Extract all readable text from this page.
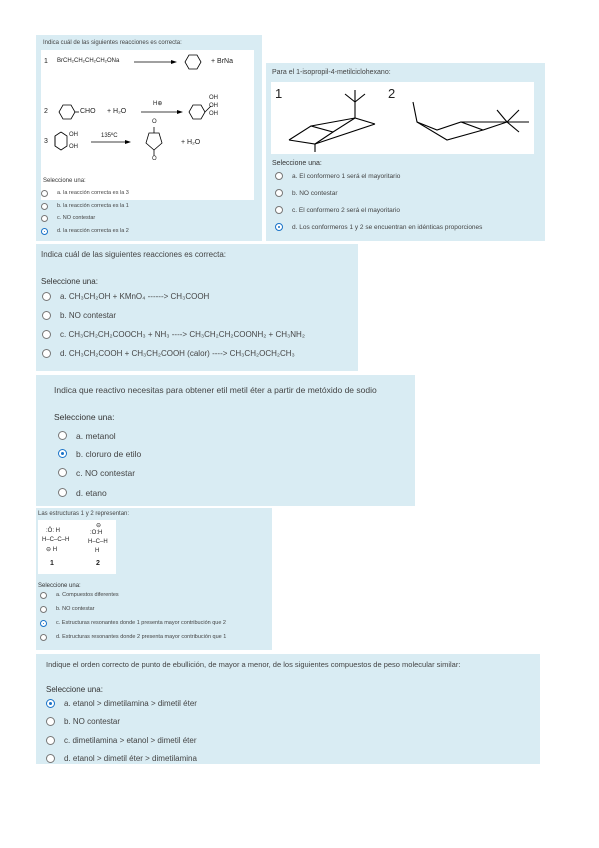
Indica cuál de las siguientes reacciones es correcta:
1 BrCH₂CH₂CH₂CH₂ONa	+ BrNa
2	CHO + H₂O
H⊕
OH
OH
OH
3
OH
OH
135ºC
O
O
+ H₂O
Seleccione una:
a. la reacción correcta es la 3
b. la reacción correcta es la 1
c. NO contestar
d. la reacción correcta es la 2
Para el 1-isopropil-4-metilciclohexano:
1	2
Seleccione una:
a. El conformero 1 será el mayoritario
b. NO contestar
c. El conformero 2 será el mayoritario
d. Los conformeros 1 y 2 se encuentran en idénticas proporciones
Indica cuál de las siguientes reacciones es correcta:
Seleccione una:
a. CH₃CH₂OH + KMnO₄ ------> CH₃COOH
b. NO contestar
c. CH₃CH₂CH₂COOCH₃ + NH₃ ----> CH₃CH₂CH₂COONH₂ + CH₃NH₂
d. CH₃CH₂COOH + CH₃CH₂COOH (calor) ----> CH₃CH₂OCH₂CH₃
Indica que reactivo necesitas para obtener etil metil éter a partir de metóxido de sodio
Seleccione una:
a. metanol
b. cloruro de etilo
c. NO contestar
d. etano
Las estructuras 1 y 2 representan:
:Ö: H
H–C–C–H
⊖ H
⊖
:O:H
H–C–H
H
1	2
Seleccione una:
a. Compuestos diferentes
b. NO contestar
c. Estructuras resonantes donde 1 presenta mayor contribución que 2
d. Estructuras resonantes donde 2 presenta mayor contribución que 1
Indique el orden correcto de punto de ebullición, de mayor a menor, de los siguientes compuestos de peso molecular similar:
Seleccione una:
a. etanol > dimetilamina > dimetil éter
b. NO contestar
c. dimetilamina > etanol > dimetil éter
d. etanol > dimetil éter > dimetilamina
